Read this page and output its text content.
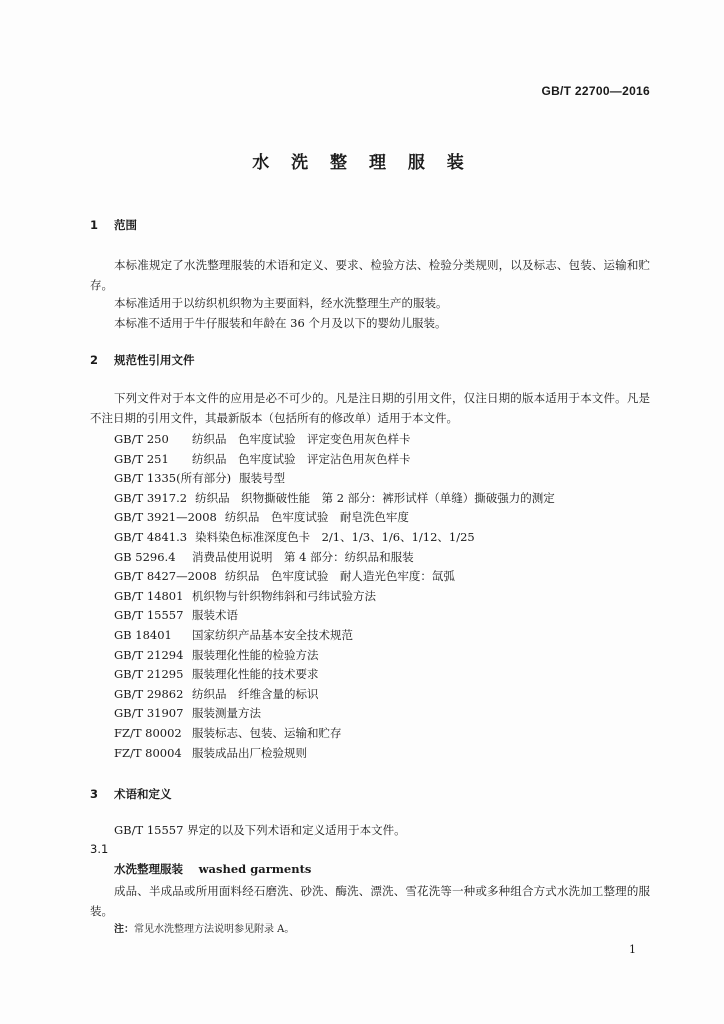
GB/T 22700—2016
水 洗 整 理 服 装
1 范围
本标准规定了水洗整理服装的术语和定义、要求、检验方法、检验分类规则，以及标志、包装、运输和贮存。
本标准适用于以纺织机织物为主要面料，经水洗整理生产的服装。
本标准不适用于牛仔服装和年龄在 36 个月及以下的婴幼儿服装。
2 规范性引用文件
下列文件对于本文件的应用是必不可少的。凡是注日期的引用文件，仅注日期的版本适用于本文件。凡是不注日期的引用文件，其最新版本（包括所有的修改单）适用于本文件。
GB/T 250 纺织品　色牢度试验　评定变色用灰色样卡
GB/T 251 纺织品　色牢度试验　评定沾色用灰色样卡
GB/T 1335(所有部分) 服装号型
GB/T 3917.2 纺织品　织物撕破性能　第 2 部分：裤形试样（单缝）撕破强力的测定
GB/T 3921—2008 纺织品　色牢度试验　耐皂洗色牢度
GB/T 4841.3 染料染色标准深度色卡　2/1、1/3、1/6、1/12、1/25
GB 5296.4 消费品使用说明　第 4 部分：纺织品和服装
GB/T 8427—2008 纺织品　色牢度试验　耐人造光色牢度：氙弧
GB/T 14801 机织物与针织物纬斜和弓纬试验方法
GB/T 15557 服装术语
GB 18401 国家纺织产品基本安全技术规范
GB/T 21294 服装理化性能的检验方法
GB/T 21295 服装理化性能的技术要求
GB/T 29862 纺织品　纤维含量的标识
GB/T 31907 服装测量方法
FZ/T 80002 服装标志、包装、运输和贮存
FZ/T 80004 服装成品出厂检验规则
3 术语和定义
GB/T 15557 界定的以及下列术语和定义适用于本文件。
3.1
水洗整理服装 washed garments
成品、半成品或所用面料经石磨洗、砂洗、酶洗、漂洗、雪花洗等一种或多种组合方式水洗加工整理的服装。
注：常见水洗整理方法说明参见附录 A。
1
